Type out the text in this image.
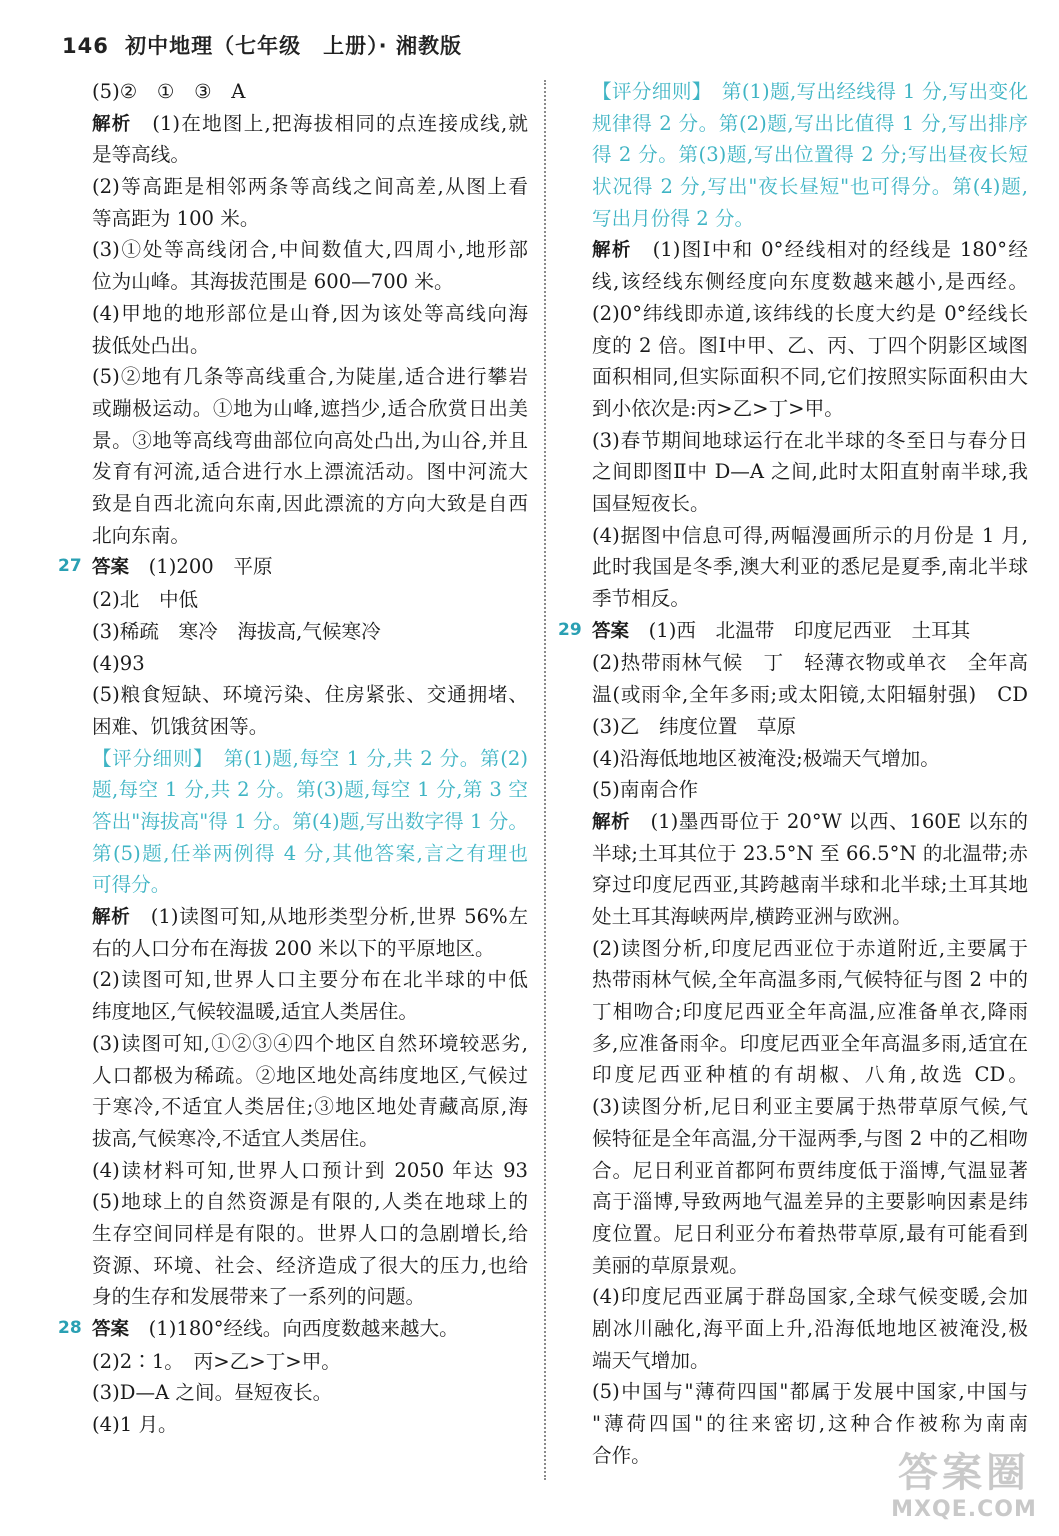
146 初中地理（七年级　上册）· 湘教版
(5)②　①　③　A
解析　(1)在地图上,把海拔相同的点连接成线,就
是等高线。
(2)等高距是相邻两条等高线之间高差,从图上看
等高距为 100 米。
(3)①处等高线闭合,中间数值大,四周小,地形部
位为山峰。其海拔范围是 600—700 米。
(4)甲地的地形部位是山脊,因为该处等高线向海
拔低处凸出。
(5)②地有几条等高线重合,为陡崖,适合进行攀岩
或蹦极运动。①地为山峰,遮挡少,适合欣赏日出美
景。③地等高线弯曲部位向高处凸出,为山谷,并且
发育有河流,适合进行水上漂流活动。图中河流大
致是自西北流向东南,因此漂流的方向大致是自西
北向东南。
27 答案　(1)200　平原
(2)北　中低
(3)稀疏　寒冷　海拔高,气候寒冷
(4)93
(5)粮食短缺、环境污染、住房紧张、交通拥堵、
困难、饥饿贫困等。
【评分细则】　第(1)题,每空 1 分,共 2 分。第(2)
题,每空 1 分,共 2 分。第(3)题,每空 1 分,第 3 空
答出"海拔高"得 1 分。第(4)题,写出数字得 1 分。
第(5)题,任举两例得 4 分,其他答案,言之有理也
可得分。
解析　(1)读图可知,从地形类型分析,世界 56%左
右的人口分布在海拔 200 米以下的平原地区。
(2)读图可知,世界人口主要分布在北半球的中低
纬度地区,气候较温暖,适宜人类居住。
(3)读图可知,①②③④四个地区自然环境较恶劣,
人口都极为稀疏。②地区地处高纬度地区,气候过
于寒冷,不适宜人类居住;③地区地处青藏高原,海
拔高,气候寒冷,不适宜人类居住。
(4)读材料可知,世界人口预计到 2050 年达 93
(5)地球上的自然资源是有限的,人类在地球上的
生存空间同样是有限的。世界人口的急剧增长,给
资源、环境、社会、经济造成了很大的压力,也给
身的生存和发展带来了一系列的问题。
28 答案　(1)180°经线。向西度数越来越大。
(2)2∶1。　丙>乙>丁>甲。
(3)D—A 之间。昼短夜长。
(4)1 月。
【评分细则】　第(1)题,写出经线得 1 分,写出变化
规律得 2 分。第(2)题,写出比值得 1 分,写出排序
得 2 分。第(3)题,写出位置得 2 分;写出昼夜长短
状况得 2 分,写出"夜长昼短"也可得分。第(4)题,
写出月份得 2 分。
解析　(1)图Ⅰ中和 0°经线相对的经线是 180°经
线,该经线东侧经度向东度数越来越小,是西经。
(2)0°纬线即赤道,该纬线的长度大约是 0°经线长
度的 2 倍。图Ⅰ中甲、乙、丙、丁四个阴影区域图
面积相同,但实际面积不同,它们按照实际面积由大
到小依次是:丙>乙>丁>甲。
(3)春节期间地球运行在北半球的冬至日与春分日
之间即图Ⅱ中 D—A 之间,此时太阳直射南半球,我
国昼短夜长。
(4)据图中信息可得,两幅漫画所示的月份是 1 月,
此时我国是冬季,澳大利亚的悉尼是夏季,南北半球
季节相反。
29 答案　(1)西　北温带　印度尼西亚　土耳其
(2)热带雨林气候　丁　轻薄衣物或单衣　全年高
温(或雨伞,全年多雨;或太阳镜,太阳辐射强)　CD
(3)乙　纬度位置　草原
(4)沿海低地地区被淹没;极端天气增加。
(5)南南合作
解析　(1)墨西哥位于 20°W 以西、160E 以东的
半球;土耳其位于 23.5°N 至 66.5°N 的北温带;赤
穿过印度尼西亚,其跨越南半球和北半球;土耳其地
处土耳其海峡两岸,横跨亚洲与欧洲。
(2)读图分析,印度尼西亚位于赤道附近,主要属于
热带雨林气候,全年高温多雨,气候特征与图 2 中的
丁相吻合;印度尼西亚全年高温,应准备单衣,降雨
多,应准备雨伞。印度尼西亚全年高温多雨,适宜在
印度尼西亚种植的有胡椒、八角,故选 CD。
(3)读图分析,尼日利亚主要属于热带草原气候,气
候特征是全年高温,分干湿两季,与图 2 中的乙相吻
合。尼日利亚首都阿布贾纬度低于淄博,气温显著
高于淄博,导致两地气温差异的主要影响因素是纬
度位置。尼日利亚分布着热带草原,最有可能看到
美丽的草原景观。
(4)印度尼西亚属于群岛国家,全球气候变暖,会加
剧冰川融化,海平面上升,沿海低地地区被淹没,极
端天气增加。
(5)中国与"薄荷四国"都属于发展中国家,中国与
"薄荷四国"的往来密切,这种合作被称为南南
合作。	答案圈
MXQE.COM
